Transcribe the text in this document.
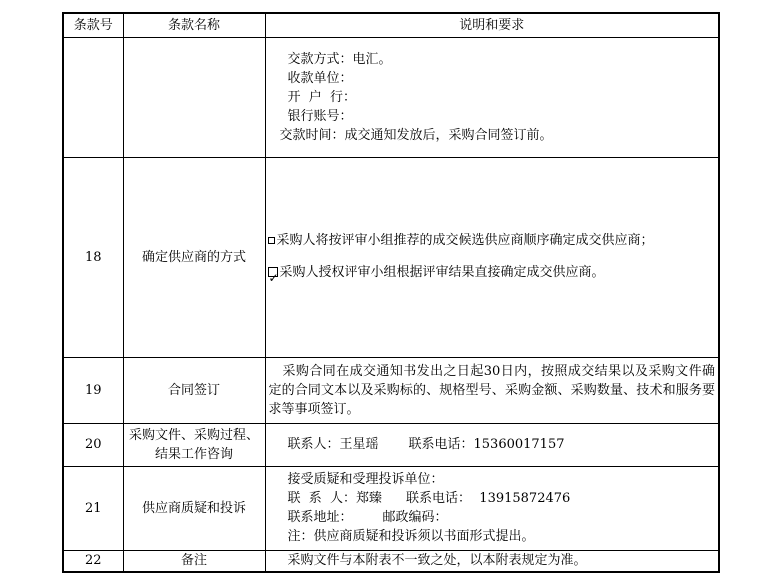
条款号	条款名称	说明和要求

		交款方式：电汇。
收款单位：
开  户  行：
银行账号：
交款时间：成交通知发放后，采购合同签订前。

18	确定供应商的方式	采购人将按评审小组推荐的成交候选供应商顺序确定成交供应商；
✓采购人授权评审小组根据评审结果直接确定成交供应商。

19	合同签订	采购合同在成交通知书发出之日起30日内，按照成交结果以及采购文件确定的合同文本以及采购标的、规格型号、采购金额、采购数量、技术和服务要求等事项签订。
20	采购文件、采购过程、
结果工作咨询	联系人：王星瑶 联系电话：15360017157

21	供应商质疑和投诉	接受质疑和受理投诉单位：
联  系  人：郑臻 联系电话：  13915872476
联系地址： 邮政编码：
注：供应商质疑和投诉须以书面形式提出。

22	备注	采购文件与本附表不一致之处，以本附表规定为准。
